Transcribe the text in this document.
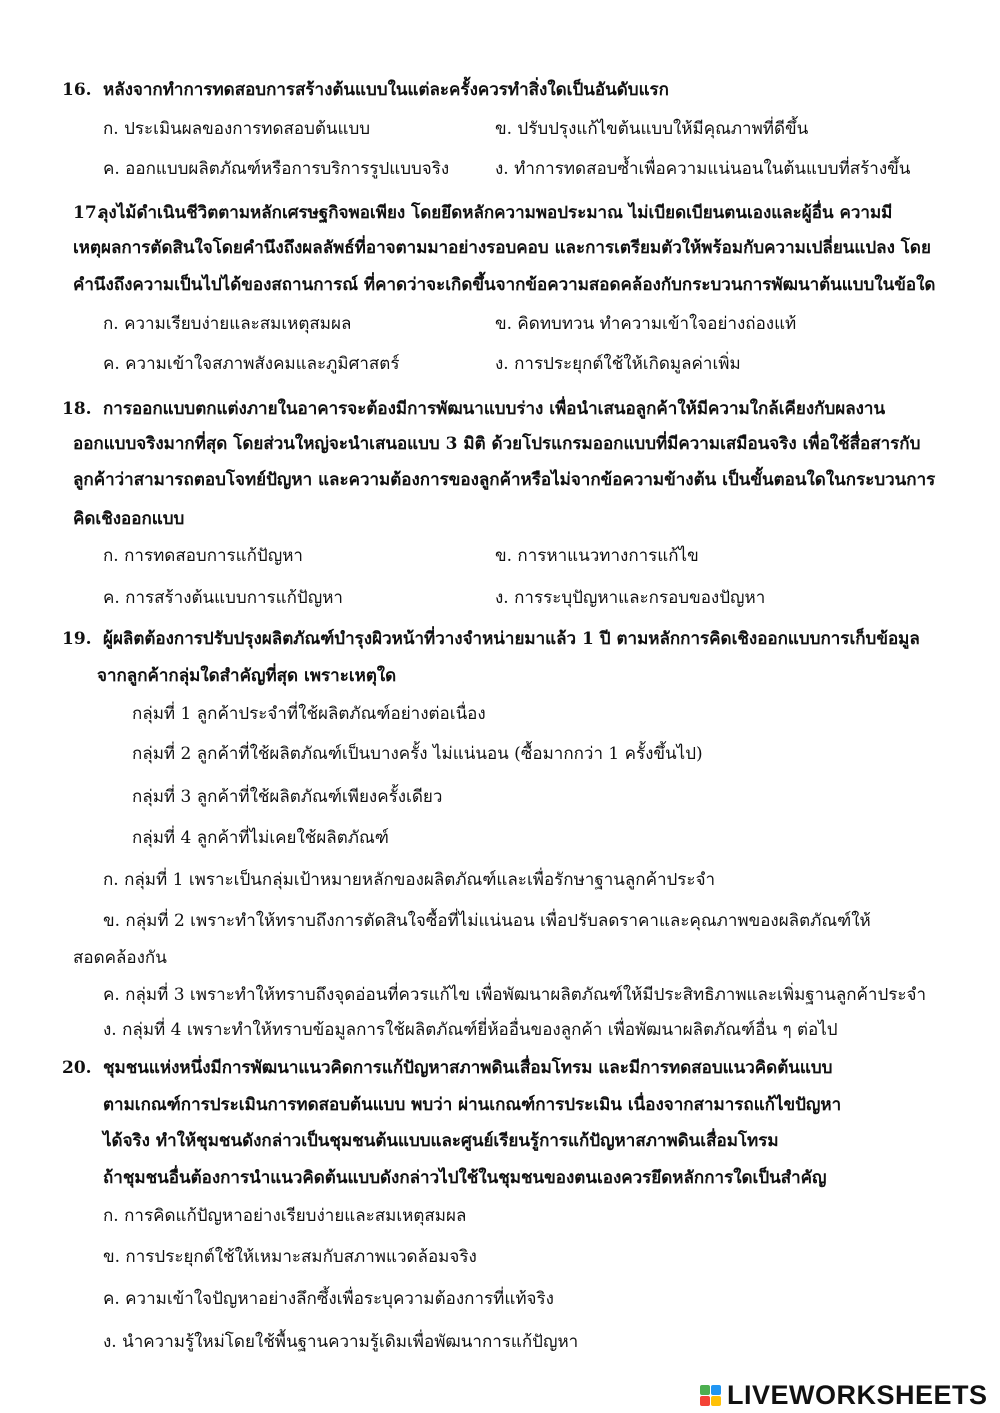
16. หลังจากทำการทดสอบการสร้างต้นแบบในแต่ละครั้งควรทำสิ่งใดเป็นอันดับแรก
ก. ประเมินผลของการทดสอบต้นแบบ	ข. ปรับปรุงแก้ไขต้นแบบให้มีคุณภาพที่ดีขึ้น
ค. ออกแบบผลิตภัณฑ์หรือการบริการรูปแบบจริง	ง. ทำการทดสอบซ้ำเพื่อความแน่นอนในต้นแบบที่สร้างขึ้น
17.
ลุงไม้ดำเนินชีวิตตามหลักเศรษฐกิจพอเพียง โดยยึดหลักความพอประมาณ ไม่เบียดเบียนตนเองและผู้อื่น ความมี
เหตุผลการตัดสินใจโดยคำนึงถึงผลลัพธ์ที่อาจตามมาอย่างรอบคอบ และการเตรียมตัวให้พร้อมกับความเปลี่ยนแปลง โดย
คำนึงถึงความเป็นไปได้ของสถานการณ์ ที่คาดว่าจะเกิดขึ้นจากข้อความสอดคล้องกับกระบวนการพัฒนาต้นแบบในข้อใด
ก. ความเรียบง่ายและสมเหตุสมผล	ข. คิดทบทวน ทำความเข้าใจอย่างถ่องแท้
ค. ความเข้าใจสภาพสังคมและภูมิศาสตร์	ง. การประยุกต์ใช้ให้เกิดมูลค่าเพิ่ม
18. การออกแบบตกแต่งภายในอาคารจะต้องมีการพัฒนาแบบร่าง เพื่อนำเสนอลูกค้าให้มีความใกล้เคียงกับผลงาน
ออกแบบจริงมากที่สุด โดยส่วนใหญ่จะนำเสนอแบบ 3 มิติ ด้วยโปรแกรมออกแบบที่มีความเสมือนจริง เพื่อใช้สื่อสารกับ
ลูกค้าว่าสามารถตอบโจทย์ปัญหา และความต้องการของลูกค้าหรือไม่จากข้อความข้างต้น เป็นขั้นตอนใดในกระบวนการ
คิดเชิงออกแบบ
ก. การทดสอบการแก้ปัญหา	ข. การหาแนวทางการแก้ไข
ค. การสร้างต้นแบบการแก้ปัญหา	ง. การระบุปัญหาและกรอบของปัญหา
19. ผู้ผลิตต้องการปรับปรุงผลิตภัณฑ์บำรุงผิวหน้าที่วางจำหน่ายมาแล้ว 1 ปี ตามหลักการคิดเชิงออกแบบการเก็บข้อมูล
จากลูกค้ากลุ่มใดสำคัญที่สุด เพราะเหตุใด
กลุ่มที่ 1 ลูกค้าประจำที่ใช้ผลิตภัณฑ์อย่างต่อเนื่อง
กลุ่มที่ 2 ลูกค้าที่ใช้ผลิตภัณฑ์เป็นบางครั้ง ไม่แน่นอน (ซื้อมากกว่า 1 ครั้งขึ้นไป)
กลุ่มที่ 3 ลูกค้าที่ใช้ผลิตภัณฑ์เพียงครั้งเดียว
กลุ่มที่ 4 ลูกค้าที่ไม่เคยใช้ผลิตภัณฑ์
ก. กลุ่มที่ 1 เพราะเป็นกลุ่มเป้าหมายหลักของผลิตภัณฑ์และเพื่อรักษาฐานลูกค้าประจำ
ข. กลุ่มที่ 2 เพราะทำให้ทราบถึงการตัดสินใจซื้อที่ไม่แน่นอน เพื่อปรับลดราคาและคุณภาพของผลิตภัณฑ์ให้
สอดคล้องกัน
ค. กลุ่มที่ 3 เพราะทำให้ทราบถึงจุดอ่อนที่ควรแก้ไข เพื่อพัฒนาผลิตภัณฑ์ให้มีประสิทธิภาพและเพิ่มฐานลูกค้าประจำ
ง. กลุ่มที่ 4 เพราะทำให้ทราบข้อมูลการใช้ผลิตภัณฑ์ยี่ห้ออื่นของลูกค้า เพื่อพัฒนาผลิตภัณฑ์อื่น ๆ ต่อไป
20. ชุมชนแห่งหนึ่งมีการพัฒนาแนวคิดการแก้ปัญหาสภาพดินเสื่อมโทรม และมีการทดสอบแนวคิดต้นแบบ
ตามเกณฑ์การประเมินการทดสอบต้นแบบ พบว่า ผ่านเกณฑ์การประเมิน เนื่องจากสามารถแก้ไขปัญหา
ได้จริง ทำให้ชุมชนดังกล่าวเป็นชุมชนต้นแบบและศูนย์เรียนรู้การแก้ปัญหาสภาพดินเสื่อมโทรม
ถ้าชุมชนอื่นต้องการนำแนวคิดต้นแบบดังกล่าวไปใช้ในชุมชนของตนเองควรยึดหลักการใดเป็นสำคัญ
ก. การคิดแก้ปัญหาอย่างเรียบง่ายและสมเหตุสมผล
ข. การประยุกต์ใช้ให้เหมาะสมกับสภาพแวดล้อมจริง
ค. ความเข้าใจปัญหาอย่างลึกซึ้งเพื่อระบุความต้องการที่แท้จริง
ง. นำความรู้ใหม่โดยใช้พื้นฐานความรู้เดิมเพื่อพัฒนาการแก้ปัญหา
LIVEWORKSHEETS
